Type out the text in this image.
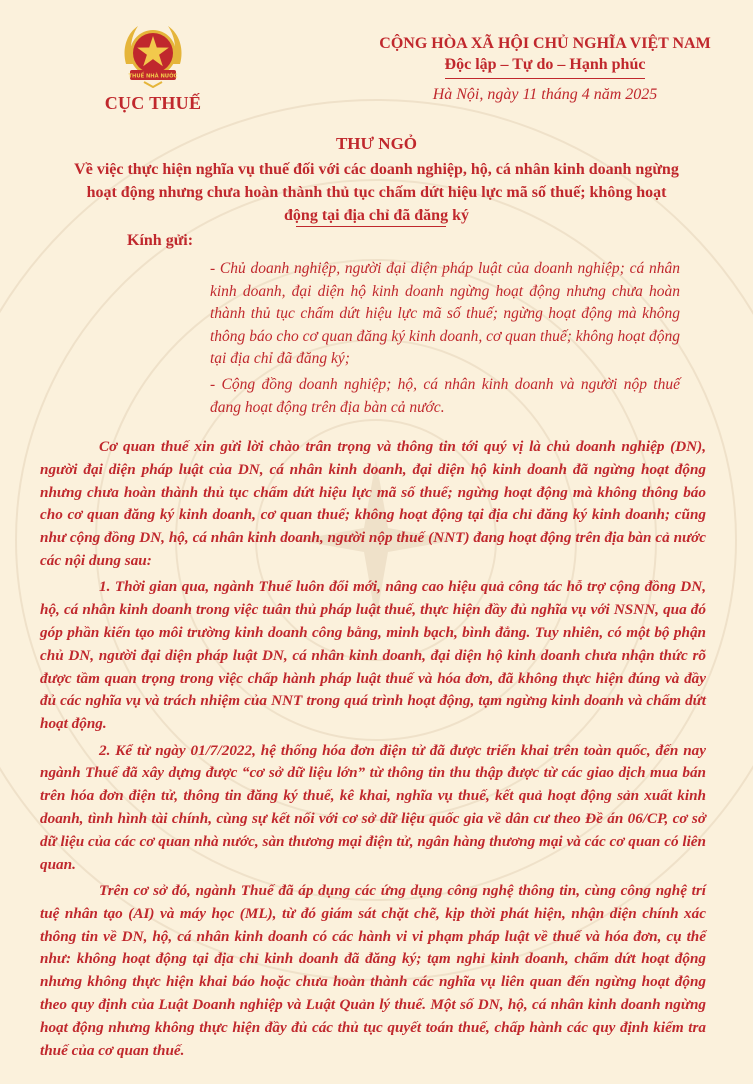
THUẾ NHÀ NƯỚC
CỤC THUẾ
CỘNG HÒA XÃ HỘI CHỦ NGHĨA VIỆT NAM
Độc lập – Tự do – Hạnh phúc
Hà Nội, ngày 11 tháng 4 năm 2025
THƯ NGỎ
Về việc thực hiện nghĩa vụ thuế đối với các doanh nghiệp, hộ, cá nhân kinh doanh ngừng hoạt động nhưng chưa hoàn thành thủ tục chấm dứt hiệu lực mã số thuế; không hoạt động tại địa chỉ đã đăng ký
Kính gửi:

- Chủ doanh nghiệp, người đại diện pháp luật của doanh nghiệp; cá nhân kinh doanh, đại diện hộ kinh doanh ngừng hoạt động nhưng chưa hoàn thành thủ tục chấm dứt hiệu lực mã số thuế; ngừng hoạt động mà không thông báo cho cơ quan đăng ký kinh doanh, cơ quan thuế; không hoạt động tại địa chỉ đã đăng ký;

- Cộng đồng doanh nghiệp; hộ, cá nhân kinh doanh và người nộp thuế đang hoạt động trên địa bàn cả nước.

Cơ quan thuế xin gửi lời chào trân trọng và thông tin tới quý vị là chủ doanh nghiệp (DN), người đại diện pháp luật của DN, cá nhân kinh doanh, đại diện hộ kinh doanh đã ngừng hoạt động nhưng chưa hoàn thành thủ tục chấm dứt hiệu lực mã số thuế; ngừng hoạt động mà không thông báo cho cơ quan đăng ký kinh doanh, cơ quan thuế; không hoạt động tại địa chỉ đăng ký kinh doanh; cũng như cộng đồng DN, hộ, cá nhân kinh doanh, người nộp thuế (NNT) đang hoạt động trên địa bàn cả nước các nội dung sau:

1. Thời gian qua, ngành Thuế luôn đổi mới, nâng cao hiệu quả công tác hỗ trợ cộng đồng DN, hộ, cá nhân kinh doanh trong việc tuân thủ pháp luật thuế, thực hiện đầy đủ nghĩa vụ với NSNN, qua đó góp phần kiến tạo môi trường kinh doanh công bằng, minh bạch, bình đẳng. Tuy nhiên, có một bộ phận chủ DN, người đại diện pháp luật DN, cá nhân kinh doanh, đại diện hộ kinh doanh chưa nhận thức rõ được tầm quan trọng trong việc chấp hành pháp luật thuế và hóa đơn, đã không thực hiện đúng và đầy đủ các nghĩa vụ và trách nhiệm của NNT trong quá trình hoạt động, tạm ngừng kinh doanh và chấm dứt hoạt động.

2. Kể từ ngày 01/7/2022, hệ thống hóa đơn điện tử đã được triển khai trên toàn quốc, đến nay ngành Thuế đã xây dựng được “cơ sở dữ liệu lớn” từ thông tin thu thập được từ các giao dịch mua bán trên hóa đơn điện tử, thông tin đăng ký thuế, kê khai, nghĩa vụ thuế, kết quả hoạt động sản xuất kinh doanh, tình hình tài chính, cùng sự kết nối với cơ sở dữ liệu quốc gia về dân cư theo Đề án 06/CP, cơ sở dữ liệu của các cơ quan nhà nước, sàn thương mại điện tử, ngân hàng thương mại và các cơ quan có liên quan.

Trên cơ sở đó, ngành Thuế đã áp dụng các ứng dụng công nghệ thông tin, cùng công nghệ trí tuệ nhân tạo (AI) và máy học (ML), từ đó giám sát chặt chẽ, kịp thời phát hiện, nhận diện chính xác thông tin về DN, hộ, cá nhân kinh doanh có các hành vi vi phạm pháp luật về thuế và hóa đơn, cụ thể như: không hoạt động tại địa chỉ kinh doanh đã đăng ký; tạm nghỉ kinh doanh, chấm dứt hoạt động nhưng không thực hiện khai báo hoặc chưa hoàn thành các nghĩa vụ liên quan đến ngừng hoạt động theo quy định của Luật Doanh nghiệp và Luật Quản lý thuế. Một số DN, hộ, cá nhân kinh doanh ngừng hoạt động nhưng không thực hiện đầy đủ các thủ tục quyết toán thuế, chấp hành các quy định kiểm tra thuế của cơ quan thuế.
